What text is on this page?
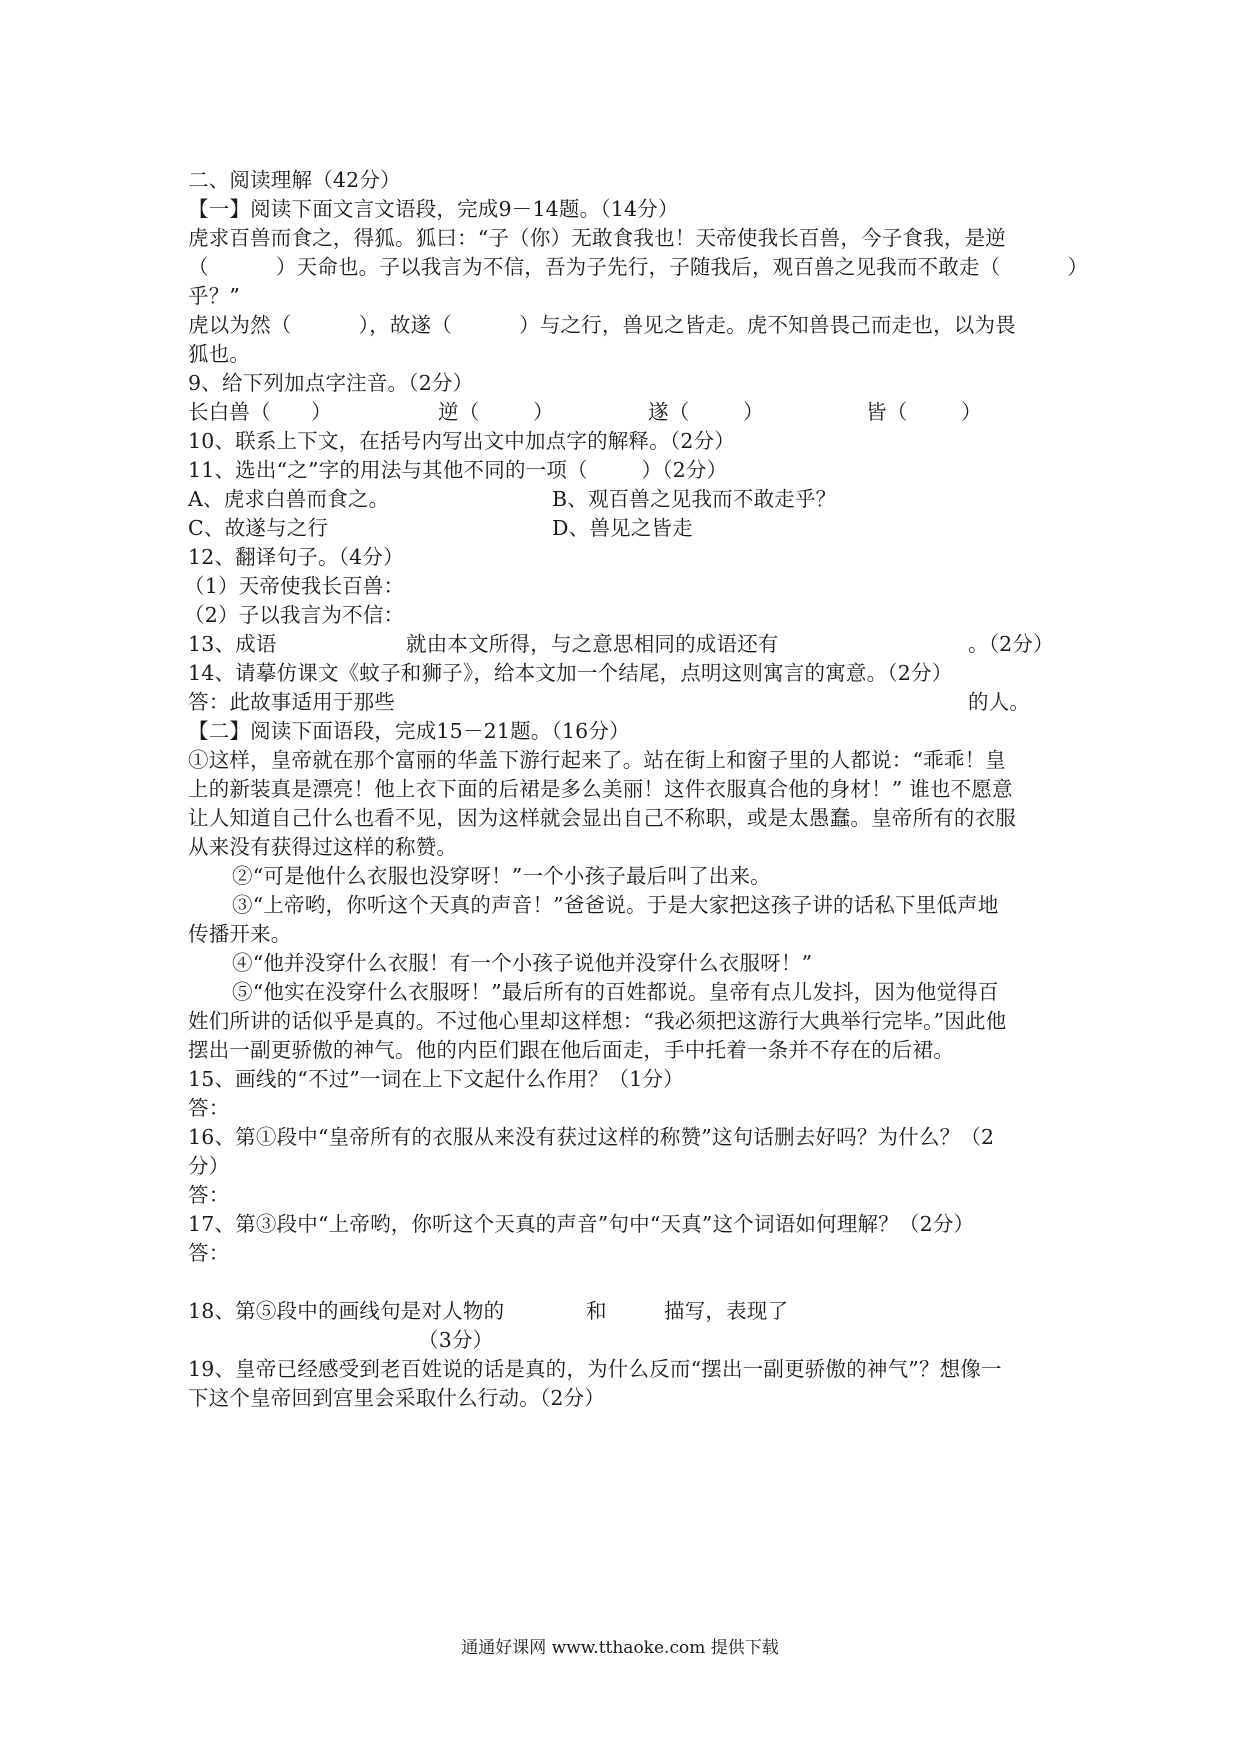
二、阅读理解（42分）
【一】阅读下面文言文语段，完成9－14题。（14分）
虎求百兽而食之，得狐。狐曰：“子（你）无敢食我也！天帝使我长百兽，今子食我，是逆
（          ）天命也。子以我言为不信，吾为子先行，子随我后，观百兽之见我而不敢走（          ）
乎？”
虎以为然（          ），故遂（          ）与之行，兽见之皆走。虎不知兽畏己而走也，以为畏
狐也。
9、给下列加点字注音。（2分）
长白兽（      ）	逆（        ）	遂（        ）	皆（        ）
10、联系上下文，在括号内写出文中加点字的解释。（2分）
11、选出“之”字的用法与其他不同的一项（        ）（2分）
A、虎求白兽而食之。	B、观百兽之见我而不敢走乎？
C、故遂与之行	D、兽见之皆走
12、翻译句子。（4分）
（1）天帝使我长百兽：
（2）子以我言为不信：
13、成语	就由本文所得，与之意思相同的成语还有	。（2分）
14、请摹仿课文《蚊子和狮子》，给本文加一个结尾，点明这则寓言的寓意。（2分）
答：此故事适用于那些	的人。
【二】阅读下面语段，完成15－21题。（16分）
①这样，皇帝就在那个富丽的华盖下游行起来了。站在街上和窗子里的人都说：“乖乖！皇
上的新装真是漂亮！他上衣下面的后裙是多么美丽！这件衣服真合他的身材！” 谁也不愿意
让人知道自己什么也看不见，因为这样就会显出自己不称职，或是太愚蠢。皇帝所有的衣服
从来没有获得过这样的称赞。
②“可是他什么衣服也没穿呀！”一个小孩子最后叫了出来。
③“上帝哟，你听这个天真的声音！”爸爸说。于是大家把这孩子讲的话私下里低声地
传播开来。
④“他并没穿什么衣服！有一个小孩子说他并没穿什么衣服呀！”
⑤“他实在没穿什么衣服呀！”最后所有的百姓都说。皇帝有点儿发抖，因为他觉得百
姓们所讲的话似乎是真的。不过他心里却这样想：“我必须把这游行大典举行完毕。”因此他
摆出一副更骄傲的神气。他的内臣们跟在他后面走，手中托着一条并不存在的后裙。
15、画线的“不过”一词在上下文起什么作用？（1分）
答：
16、第①段中“皇帝所有的衣服从来没有获过这样的称赞”这句话删去好吗？为什么？（2
分）
答：
17、第③段中“上帝哟，你听这个天真的声音”句中“天真”这个词语如何理解？（2分）
答：
18、第⑤段中的画线句是对人物的	和	描写，表现了
（3分）
19、皇帝已经感受到老百姓说的话是真的，为什么反而“摆出一副更骄傲的神气”？想像一
下这个皇帝回到宫里会采取什么行动。（2分）
通通好课网 www.tthaoke.com 提供下载
